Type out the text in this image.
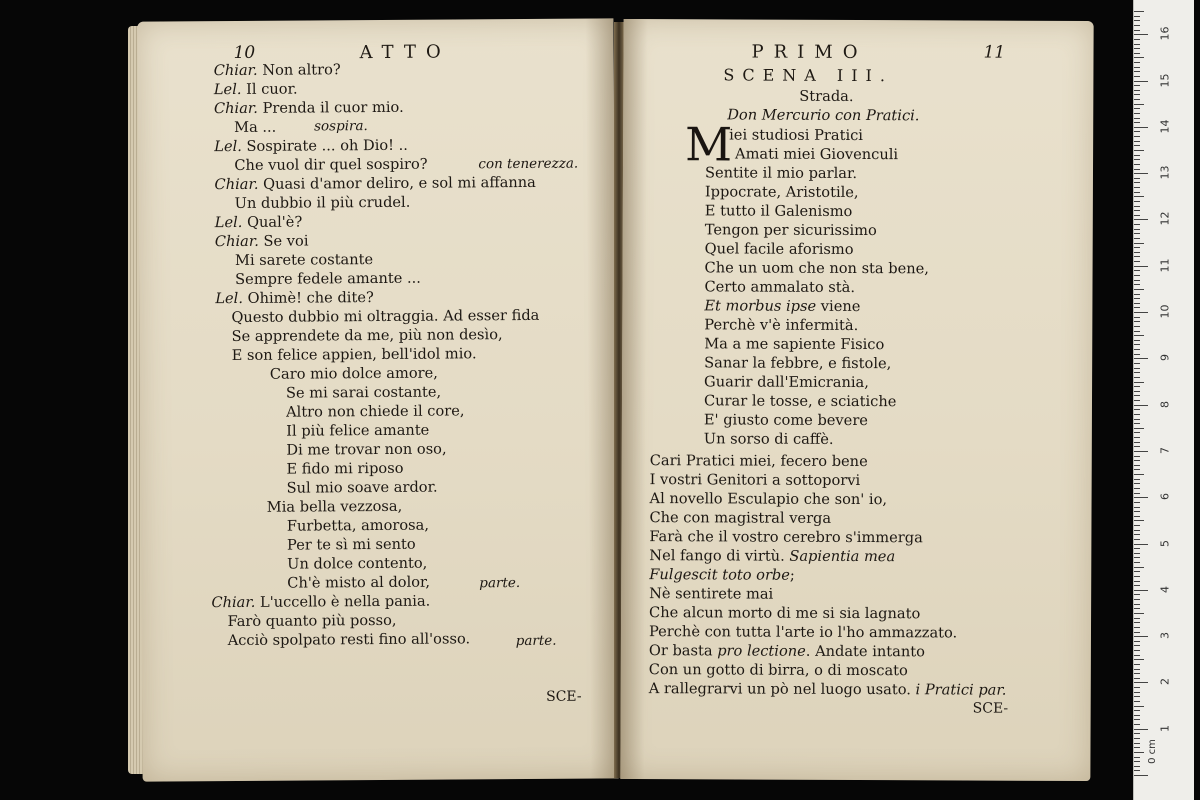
10	ATTO
Chiar. Non altro?
Lel. Il cuor.
Chiar. Prenda il cuor mio.
Ma ...	sospira.
Lel. Sospirate ... oh Dio! ..
Che vuol dir quel sospiro?	con tenerezza.
Chiar. Quasi d'amor deliro, e sol mi affanna
Un dubbio il più crudel.
Lel. Qual'è?
Chiar. Se voi
Mi sarete costante
Sempre fedele amante ...
Lel. Ohimè! che dite?
Questo dubbio mi oltraggia. Ad esser fida
Se apprendete da me, più non desìo,
E son felice appien, bell'idol mio.
Caro mio dolce amore,
Se mi sarai costante,
Altro non chiede il core,
Il più felice amante
Di me trovar non oso,
E fido mi riposo
Sul mio soave ardor.
Mia bella vezzosa,
Furbetta, amorosa,
Per te sì mi sento
Un dolce contento,
Ch'è misto al dolor,	parte.
Chiar. L'uccello è nella pania.
Farò quanto più posso,
Acciò spolpato resti fino all'osso.	parte.
SCE-
PRIMO	11
SCENA III.
Strada.
Don Mercurio con Pratici.
M
iei studiosi Pratici
Amati miei Giovenculi
Sentite il mio parlar.
Ippocrate, Aristotile,
E tutto il Galenismo
Tengon per sicurissimo
Quel facile aforismo
Che un uom che non sta bene,
Certo ammalato stà.
Et morbus ipse viene
Perchè v'è infermità.
Ma a me sapiente Fisico
Sanar la febbre, e fistole,
Guarir dall'Emicrania,
Curar le tosse, e sciatiche
E' giusto come bevere
Un sorso di caffè.
Cari Pratici miei, fecero bene
I vostri Genitori a sottoporvi
Al novello Esculapio che son' io,
Che con magistral verga
Farà che il vostro cerebro s'immerga
Nel fango di virtù. Sapientia mea
Fulgescit toto orbe;
Nè sentirete mai
Che alcun morto di me si sia lagnato
Perchè con tutta l'arte io l'ho ammazzato.
Or basta pro lectione. Andate intanto
Con un gotto di birra, o di moscato
A rallegrarvi un pò nel luogo usato. i Pratici par.
SCE-
0 cm
1
2
3
4
5
6
7
8
9
10
11
12
13
14
15
16
